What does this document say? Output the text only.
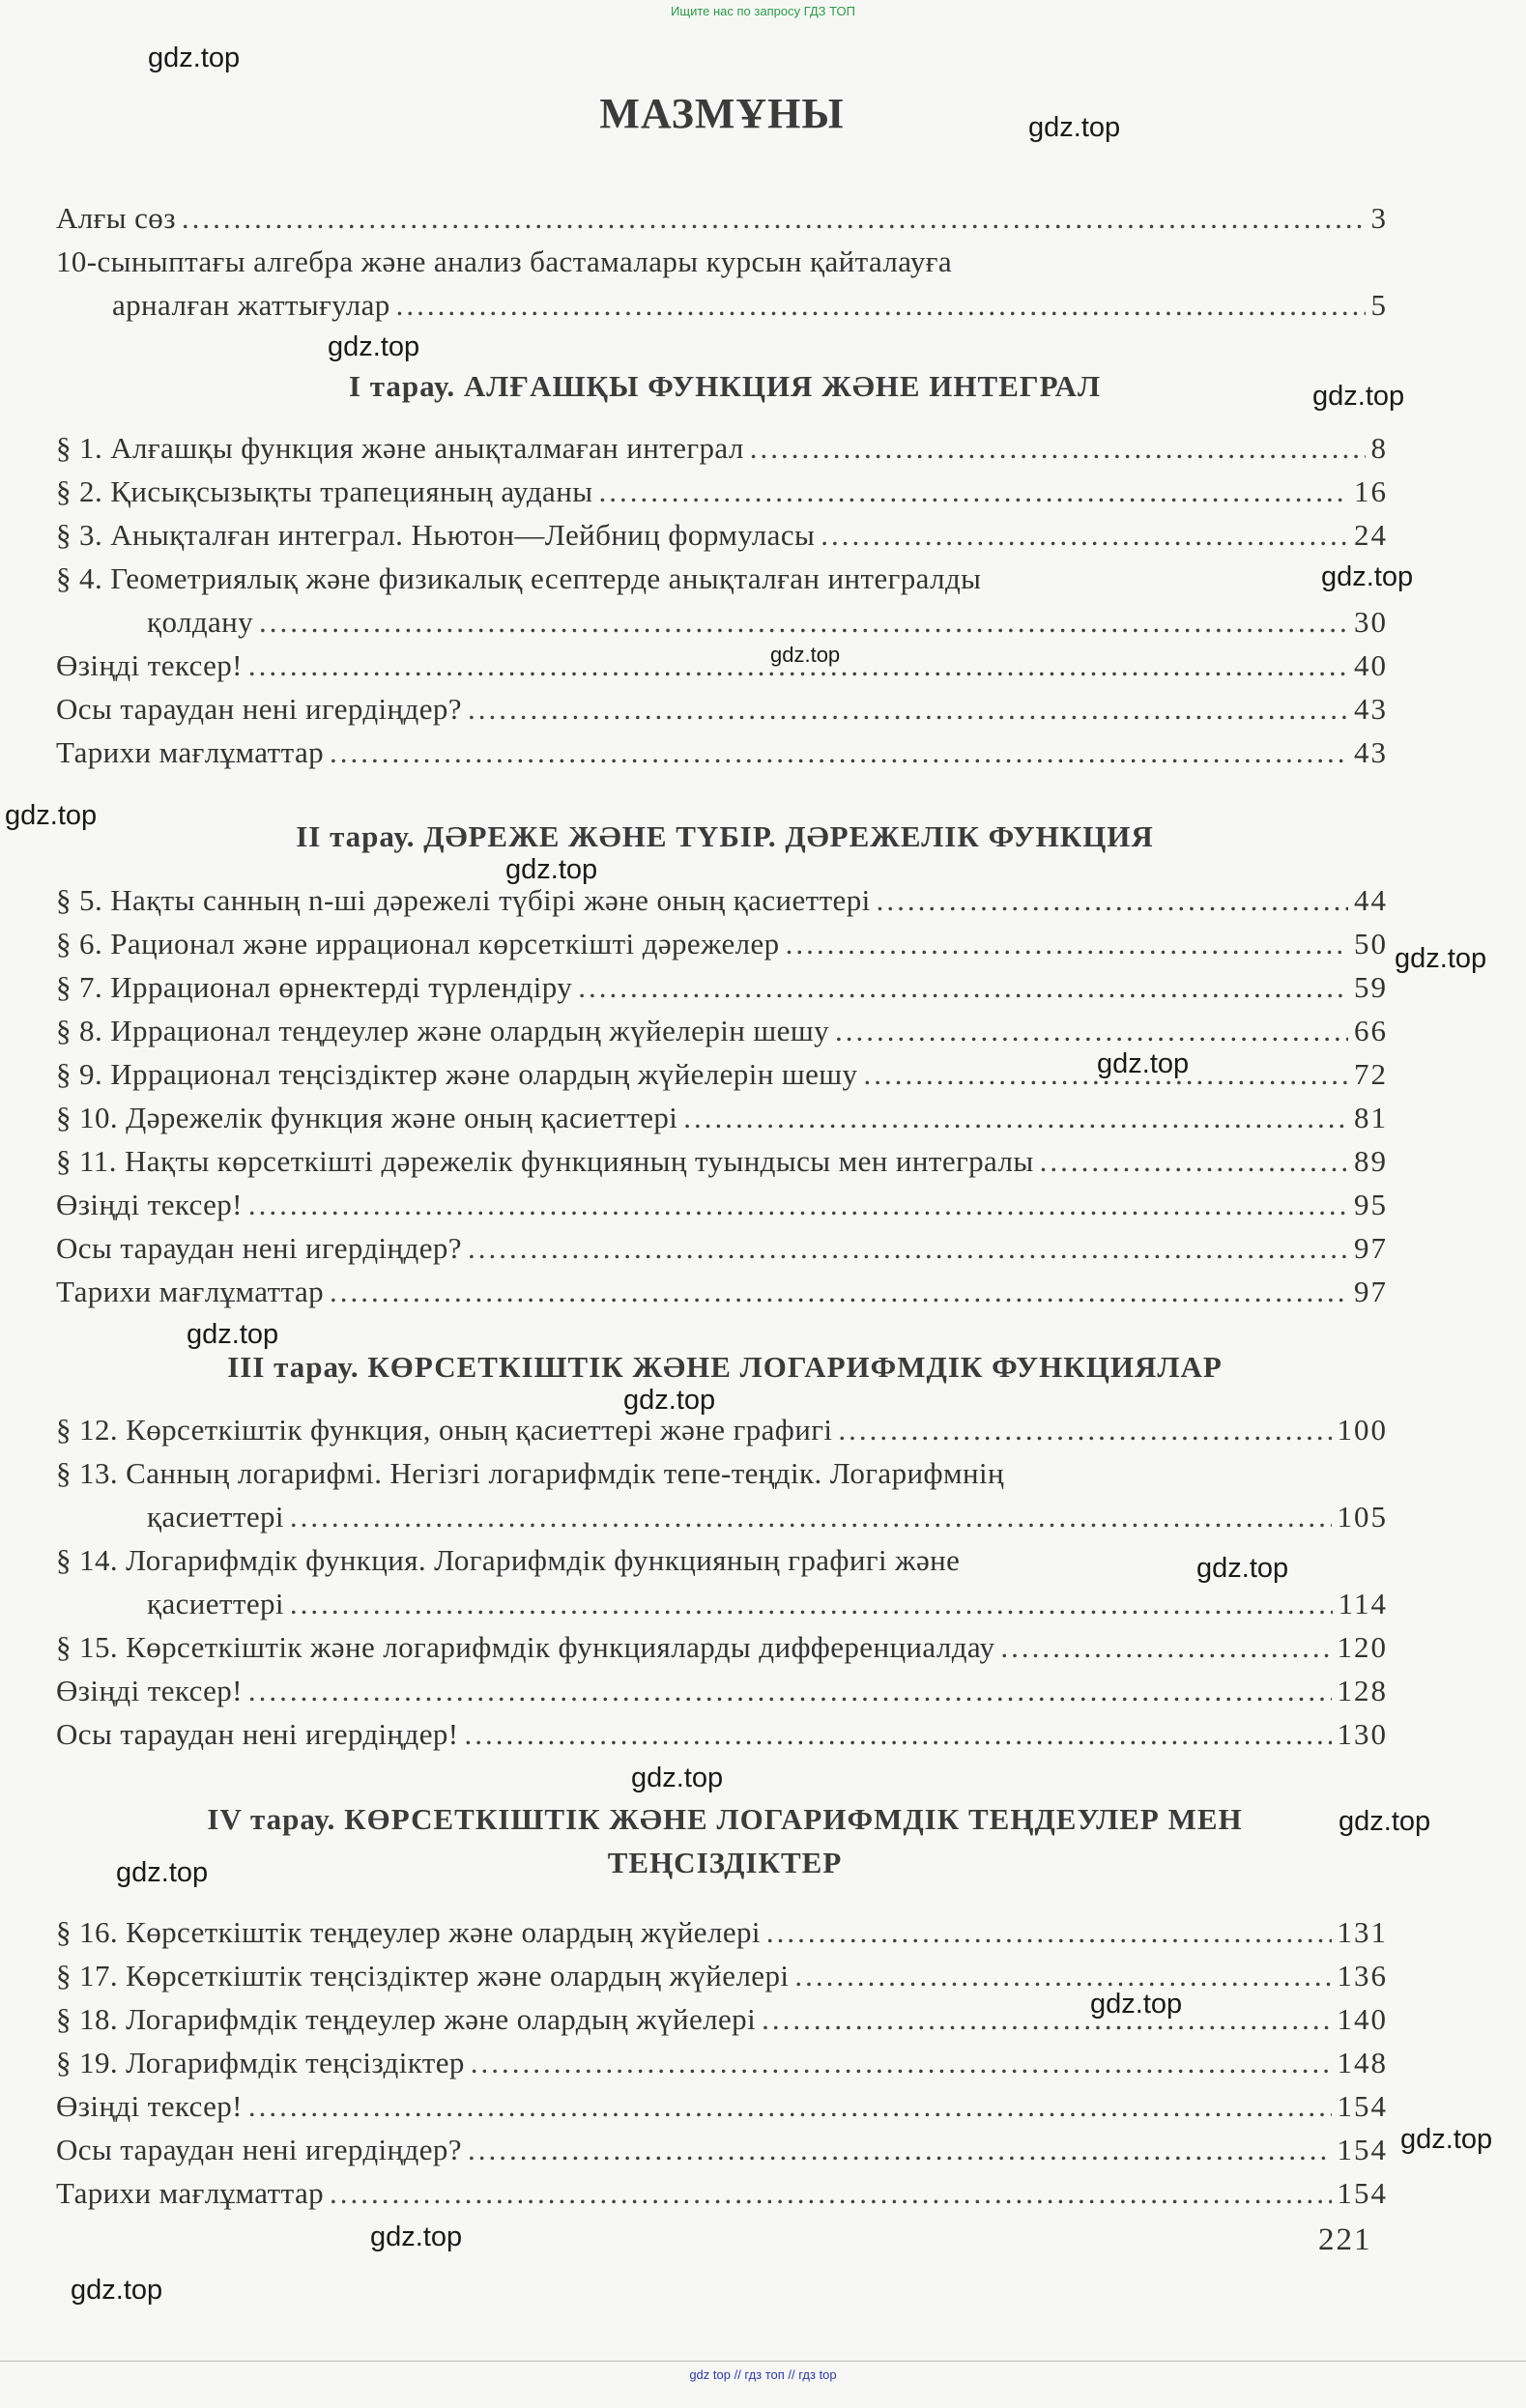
Ищите нас по запросу ГДЗ ТОП
МАЗМҰНЫ
Алғы сөз .....	3
10-сыныптағы алгебра және анализ бастамалары курсын қайталауға
арналған жаттығулар .....	5
І тарау. АЛҒАШҚЫ ФУНКЦИЯ ЖӘНЕ ИНТЕГРАЛ
§ 1. Алғашқы функция және анықталмаған интеграл .....	8
§ 2. Қисықсызықты трапецияның ауданы .....	16
§ 3. Анықталған интеграл. Ньютон—Лейбниц формуласы .....	24
§ 4. Геометриялық және физикалық есептерде анықталған интегралды
қолдану .....	30
Өзіңді тексер! .....	40
Осы тараудан нені игердіңдер? .....	43
Тарихи мағлұматтар .....	43
ІІ тарау. ДӘРЕЖЕ ЖӘНЕ ТҮБІР. ДӘРЕЖЕЛІК ФУНКЦИЯ
§ 5. Нақты санның n-ші дәрежелі түбірі және оның қасиеттері .....	44
§ 6. Рационал және иррационал көрсеткішті дәрежелер .....	50
§ 7. Иррационал өрнектерді түрлендіру .....	59
§ 8. Иррационал теңдеулер және олардың жүйелерін шешу .....	66
§ 9. Иррационал теңсіздіктер және олардың жүйелерін шешу .....	72
§ 10. Дәрежелік функция және оның қасиеттері .....	81
§ 11. Нақты көрсеткішті дәрежелік функцияның туындысы мен интегралы .....	89
Өзіңді тексер! .....	95
Осы тараудан нені игердіңдер? .....	97
Тарихи мағлұматтар .....	97
ІІІ тарау. КӨРСЕТКІШТІК ЖӘНЕ ЛОГАРИФМДІК ФУНКЦИЯЛАР
§ 12. Көрсеткіштік функция, оның қасиеттері және графигі .....	100
§ 13. Санның логарифмі. Негізгі логарифмдік тепе-теңдік. Логарифмнің
қасиеттері .....	105
§ 14. Логарифмдік функция. Логарифмдік функцияның графигі және
қасиеттері .....	114
§ 15. Көрсеткіштік және логарифмдік функцияларды дифференциалдау .....	120
Өзіңді тексер! .....	128
Осы тараудан нені игердіңдер! .....	130
ІV тарау. КӨРСЕТКІШТІК ЖӘНЕ ЛОГАРИФМДІК ТЕҢДЕУЛЕР МЕН
ТЕҢСІЗДІКТЕР
§ 16. Көрсеткіштік теңдеулер және олардың жүйелері .....	131
§ 17. Көрсеткіштік теңсіздіктер және олардың жүйелері .....	136
§ 18. Логарифмдік теңдеулер және олардың жүйелері .....	140
§ 19. Логарифмдік теңсіздіктер .....	148
Өзіңді тексер! .....	154
Осы тараудан нені игердіңдер? .....	154
Тарихи мағлұматтар .....	154
221
gdz.top
gdz.top
gdz.top
gdz.top
gdz.top
gdz.top
gdz.top
gdz.top
gdz.top
gdz.top
gdz.top
gdz.top
gdz.top
gdz.top
gdz.top
gdz.top
gdz.top
gdz.top
gdz.top
gdz.top
gdz top // гдз топ // гдз top
